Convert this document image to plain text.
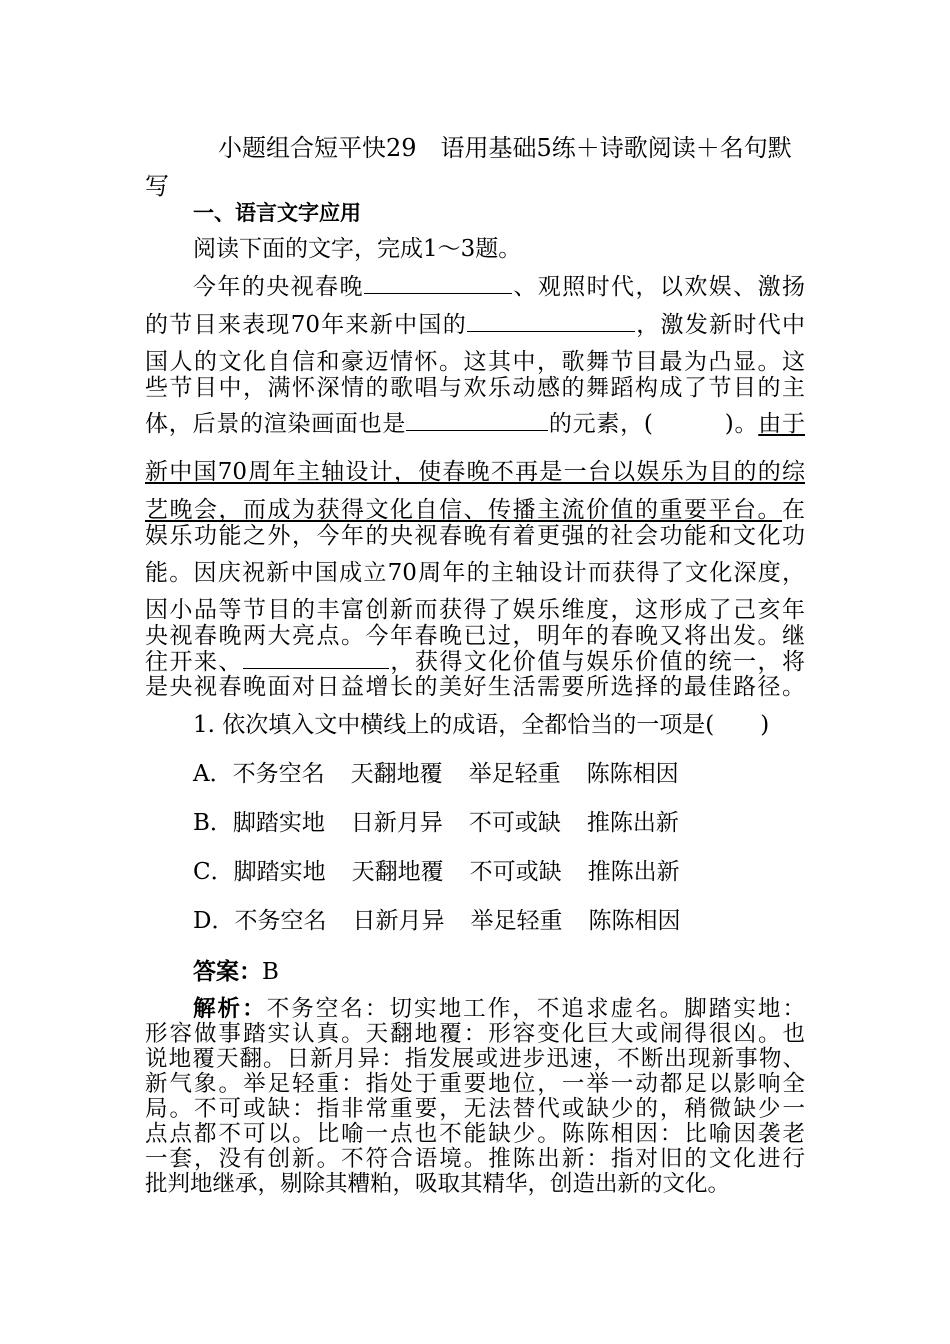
小题组合短平快29　语用基础5练＋诗歌阅读＋名句默
写
一、语言文字应用
阅读下面的文字，完成1～3题。
今年的央视春晚	、观照时代，以欢娱、激扬
的节目来表现70年来新中国的	，激发新时代中
国人的文化自信和豪迈情怀。这其中，歌舞节目最为凸显。这
些节目中，满怀深情的歌唱与欢乐动感的舞蹈构成了节目的主
体，后景的渲染画面也是	的元素，(　　　)。由于
新中国70周年主轴设计，使春晚不再是一台以娱乐为目的的综
艺晚会，而成为获得文化自信、传播主流价值的重要平台。在
娱乐功能之外，今年的央视春晚有着更强的社会功能和文化功
能。因庆祝新中国成立70周年的主轴设计而获得了文化深度，
因小品等节目的丰富创新而获得了娱乐维度，这形成了己亥年
央视春晚两大亮点。今年春晚已过，明年的春晚又将出发。继
往开来、	，获得文化价值与娱乐价值的统一，将
是央视春晚面对日益增长的美好生活需要所选择的最佳路径。
1. 依次填入文中横线上的成语，全都恰当的一项是(　　)
A．不务空名 天翻地覆 举足轻重 陈陈相因
B．脚踏实地 日新月异 不可或缺 推陈出新
C．脚踏实地 天翻地覆 不可或缺 推陈出新
D．不务空名 日新月异 举足轻重 陈陈相因
答案：B
解析：不务空名：切实地工作，不追求虚名。脚踏实地：
形容做事踏实认真。天翻地覆：形容变化巨大或闹得很凶。也
说地覆天翻。日新月异：指发展或进步迅速，不断出现新事物、
新气象。举足轻重：指处于重要地位，一举一动都足以影响全
局。不可或缺：指非常重要，无法替代或缺少的，稍微缺少一
点点都不可以。比喻一点也不能缺少。陈陈相因：比喻因袭老
一套，没有创新。不符合语境。推陈出新：指对旧的文化进行
批判地继承，剔除其糟粕，吸取其精华，创造出新的文化。
